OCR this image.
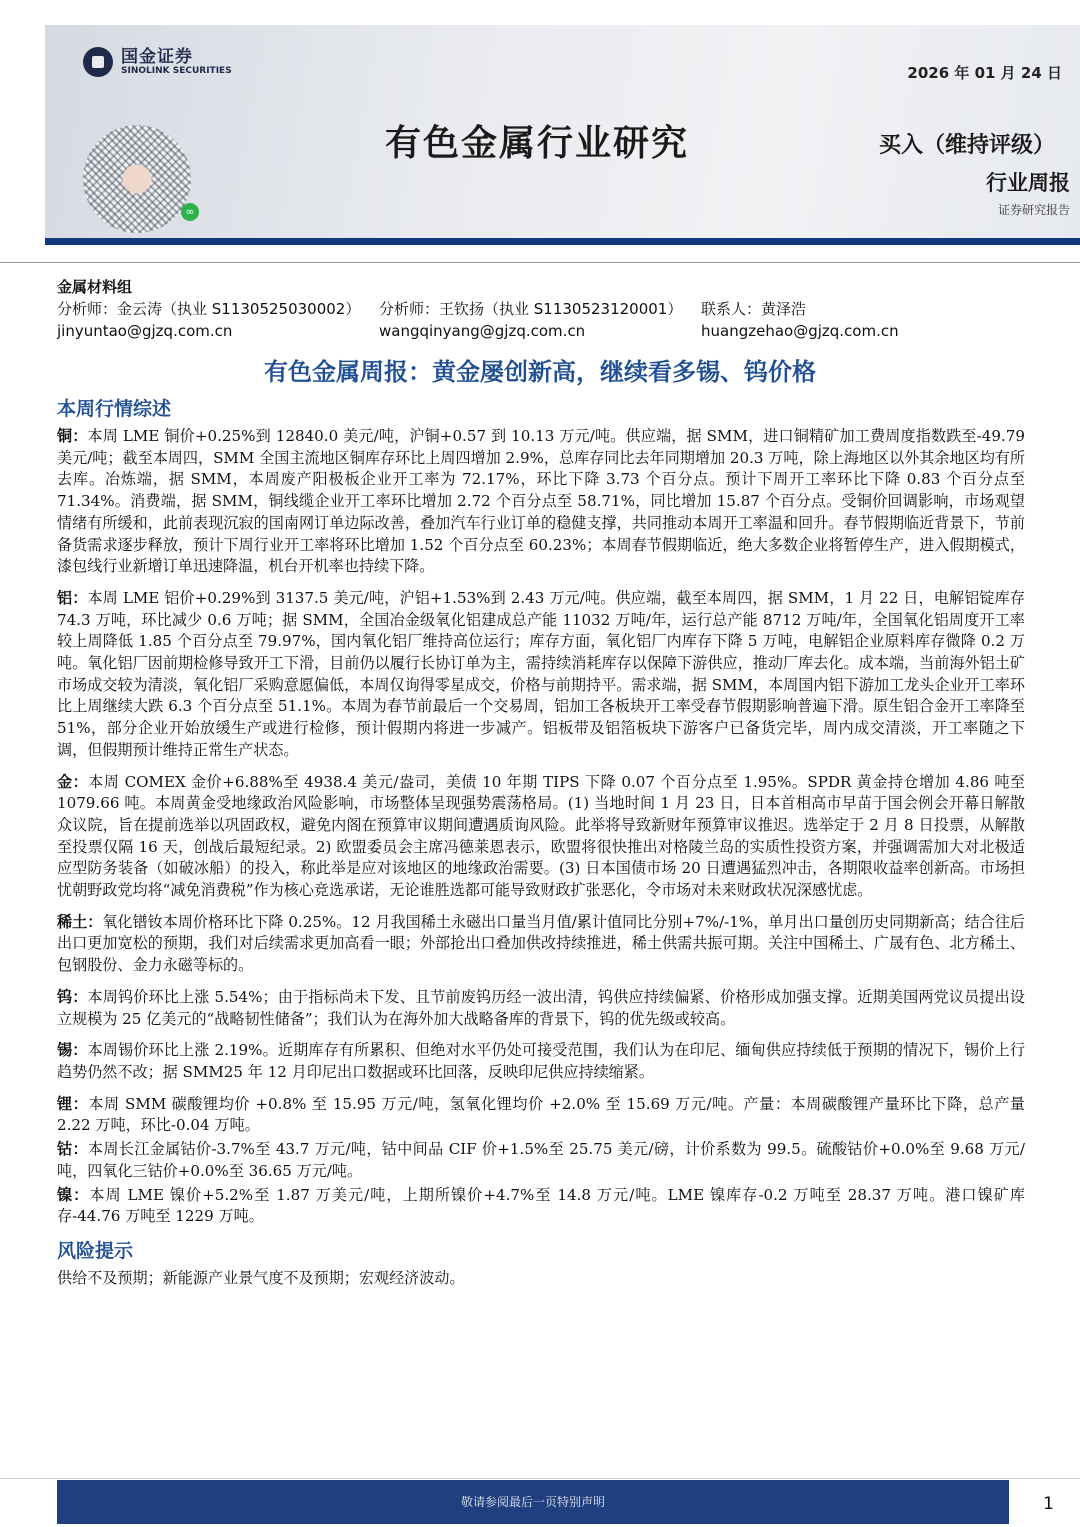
国金证券
SINOLINK SECURITIES	2026 年 01 月 24 日
∞
有色金属行业研究	买入（维持评级）
行业周报
证券研究报告
金属材料组
分析师：金云涛（执业 S1130525030002）	分析师：王钦扬（执业 S1130523120001）	联系人：黄泽浩
jinyuntao@gjzq.com.cn	wangqinyang@gjzq.com.cn	huangzehao@gjzq.com.cn
有色金属周报：黄金屡创新高，继续看多锡、钨价格
本周行情综述

铜：本周 LME 铜价+0.25%到 12840.0 美元/吨，沪铜+0.57 到 10.13 万元/吨。供应端，据 SMM，进口铜精矿加工费周度指数跌至-49.79 美元/吨；截至本周四，SMM 全国主流地区铜库存环比上周四增加 2.9%，总库存同比去年同期增加 20.3 万吨，除上海地区以外其余地区均有所去库。冶炼端，据 SMM，本周废产阳极板企业开工率为 72.17%，环比下降 3.73 个百分点。预计下周开工率环比下降 0.83 个百分点至 71.34%。消费端，据 SMM，铜线缆企业开工率环比增加 2.72 个百分点至 58.71%，同比增加 15.87 个百分点。受铜价回调影响，市场观望情绪有所缓和，此前表现沉寂的国南网订单边际改善，叠加汽车行业订单的稳健支撑，共同推动本周开工率温和回升。春节假期临近背景下，节前备货需求逐步释放，预计下周行业开工率将环比增加 1.52 个百分点至 60.23%；本周春节假期临近，绝大多数企业将暂停生产，进入假期模式，漆包线行业新增订单迅速降温，机台开机率也持续下降。

铝：本周 LME 铝价+0.29%到 3137.5 美元/吨，沪铝+1.53%到 2.43 万元/吨。供应端，截至本周四，据 SMM，1 月 22 日，电解铝锭库存 74.3 万吨，环比减少 0.6 万吨；据 SMM，全国冶金级氧化铝建成总产能 11032 万吨/年，运行总产能 8712 万吨/年，全国氧化铝周度开工率较上周降低 1.85 个百分点至 79.97%，国内氧化铝厂维持高位运行；库存方面，氧化铝厂内库存下降 5 万吨，电解铝企业原料库存微降 0.2 万吨。氧化铝厂因前期检修导致开工下滑，目前仍以履行长协订单为主，需持续消耗库存以保障下游供应，推动厂库去化。成本端，当前海外铝土矿市场成交较为清淡，氧化铝厂采购意愿偏低，本周仅询得零星成交，价格与前期持平。需求端，据 SMM，本周国内铝下游加工龙头企业开工率环比上周继续大跌 6.3 个百分点至 51.1%。本周为春节前最后一个交易周，铝加工各板块开工率受春节假期影响普遍下滑。原生铝合金开工率降至 51%，部分企业开始放缓生产或进行检修，预计假期内将进一步减产。铝板带及铝箔板块下游客户已备货完毕，周内成交清淡，开工率随之下调，但假期预计维持正常生产状态。

金：本周 COMEX 金价+6.88%至 4938.4 美元/盎司，美债 10 年期 TIPS 下降 0.07 个百分点至 1.95%。SPDR 黄金持仓增加 4.86 吨至 1079.66 吨。本周黄金受地缘政治风险影响，市场整体呈现强势震荡格局。(1) 当地时间 1 月 23 日，日本首相高市早苗于国会例会开幕日解散众议院，旨在提前选举以巩固政权，避免内阁在预算审议期间遭遇质询风险。此举将导致新财年预算审议推迟。选举定于 2 月 8 日投票，从解散至投票仅隔 16 天，创战后最短纪录。2) 欧盟委员会主席冯德莱恩表示，欧盟将很快推出对格陵兰岛的实质性投资方案，并强调需加大对北极适应型防务装备（如破冰船）的投入，称此举是应对该地区的地缘政治需要。(3) 日本国债市场 20 日遭遇猛烈冲击，各期限收益率创新高。市场担忧朝野政党均将“减免消费税”作为核心竞选承诺，无论谁胜选都可能导致财政扩张恶化，令市场对未来财政状况深感忧虑。

稀土：氧化镨钕本周价格环比下降 0.25%。12 月我国稀土永磁出口量当月值/累计值同比分别+7%/-1%，单月出口量创历史同期新高；结合往后出口更加宽松的预期，我们对后续需求更加高看一眼；外部抢出口叠加供改持续推进，稀土供需共振可期。关注中国稀土、广晟有色、北方稀土、包钢股份、金力永磁等标的。

钨：本周钨价环比上涨 5.54%；由于指标尚未下发、且节前废钨历经一波出清，钨供应持续偏紧、价格形成加强支撑。近期美国两党议员提出设立规模为 25 亿美元的“战略韧性储备”；我们认为在海外加大战略备库的背景下，钨的优先级或较高。

锡：本周锡价环比上涨 2.19%。近期库存有所累积、但绝对水平仍处可接受范围，我们认为在印尼、缅甸供应持续低于预期的情况下，锡价上行趋势仍然不改；据 SMM25 年 12 月印尼出口数据或环比回落，反映印尼供应持续缩紧。

锂：本周 SMM 碳酸锂均价 +0.8% 至 15.95 万元/吨，氢氧化锂均价 +2.0% 至 15.69 万元/吨。产量：本周碳酸锂产量环比下降，总产量 2.22 万吨，环比-0.04 万吨。

钴：本周长江金属钴价-3.7%至 43.7 万元/吨，钴中间品 CIF 价+1.5%至 25.75 美元/磅，计价系数为 99.5。硫酸钴价+0.0%至 9.68 万元/吨，四氧化三钴价+0.0%至 36.65 万元/吨。

镍：本周 LME 镍价+5.2%至 1.87 万美元/吨，上期所镍价+4.7%至 14.8 万元/吨。LME 镍库存-0.2 万吨至 28.37 万吨。港口镍矿库存-44.76 万吨至 1229 万吨。

风险提示

供给不及预期；新能源产业景气度不及预期；宏观经济波动。

敬请参阅最后一页特别声明	1
